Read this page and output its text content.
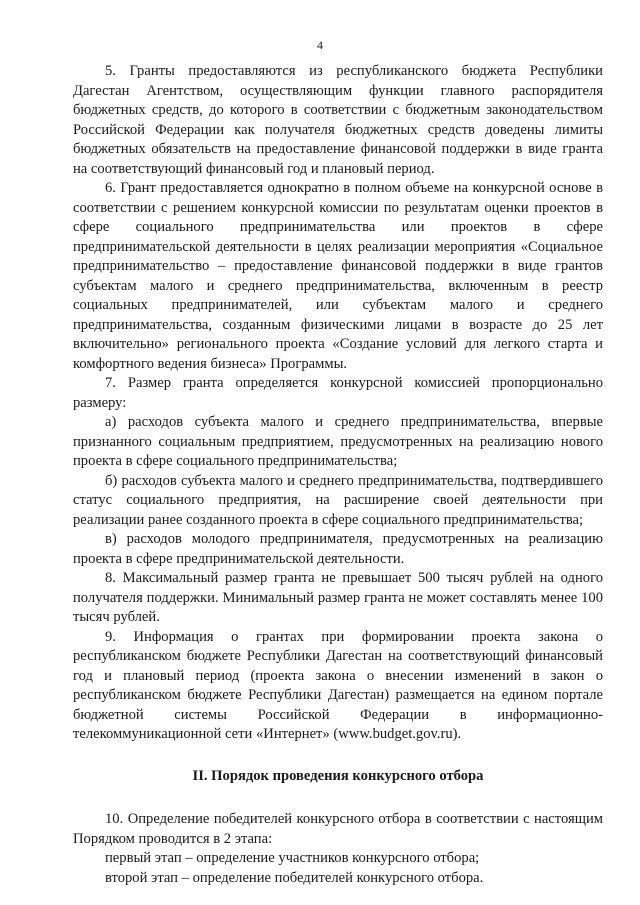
4

5. Гранты предоставляются из республиканского бюджета Республики Дагестан Агентством, осуществляющим функции главного распорядителя бюджетных средств, до которого в соответствии с бюджетным законодательством Российской Федерации как получателя бюджетных средств доведены лимиты бюджетных обязательств на предоставление финансовой поддержки в виде гранта на соответствующий финансовый год и плановый период.

6. Грант предоставляется однократно в полном объеме на конкурсной основе в соответствии с решением конкурсной комиссии по результатам оценки проектов в сфере социального предпринимательства или проектов в сфере предпринимательской деятельности в целях реализации мероприятия «Социальное предпринимательство – предоставление финансовой поддержки в виде грантов субъектам малого и среднего предпринимательства, включенным в реестр социальных предпринимателей, или субъектам малого и среднего предпринимательства, созданным физическими лицами в возрасте до 25 лет включительно» регионального проекта «Создание условий для легкого старта и комфортного ведения бизнеса» Программы.

7. Размер гранта определяется конкурсной комиссией пропорционально размеру:

а) расходов субъекта малого и среднего предпринимательства, впервые признанного социальным предприятием, предусмотренных на реализацию нового проекта в сфере социального предпринимательства;

б) расходов субъекта малого и среднего предпринимательства, подтвердившего статус социального предприятия, на расширение своей деятельности при реализации ранее созданного проекта в сфере социального предпринимательства;

в) расходов молодого предпринимателя, предусмотренных на реализацию проекта в сфере предпринимательской деятельности.

8. Максимальный размер гранта не превышает 500 тысяч рублей на одного получателя поддержки. Минимальный размер гранта не может составлять менее 100 тысяч рублей.

9. Информация о грантах при формировании проекта закона о республиканском бюджете Республики Дагестан на соответствующий финансовый год и плановый период (проекта закона о внесении изменений в закон о республиканском бюджете Республики Дагестан) размещается на едином портале бюджетной системы Российской Федерации в информационно-телекоммуникационной сети «Интернет» (www.budget.gov.ru).

II. Порядок проведения конкурсного отбора

10. Определение победителей конкурсного отбора в соответствии с настоящим Порядком проводится в 2 этапа:

первый этап – определение участников конкурсного отбора;

второй этап – определение победителей конкурсного отбора.
